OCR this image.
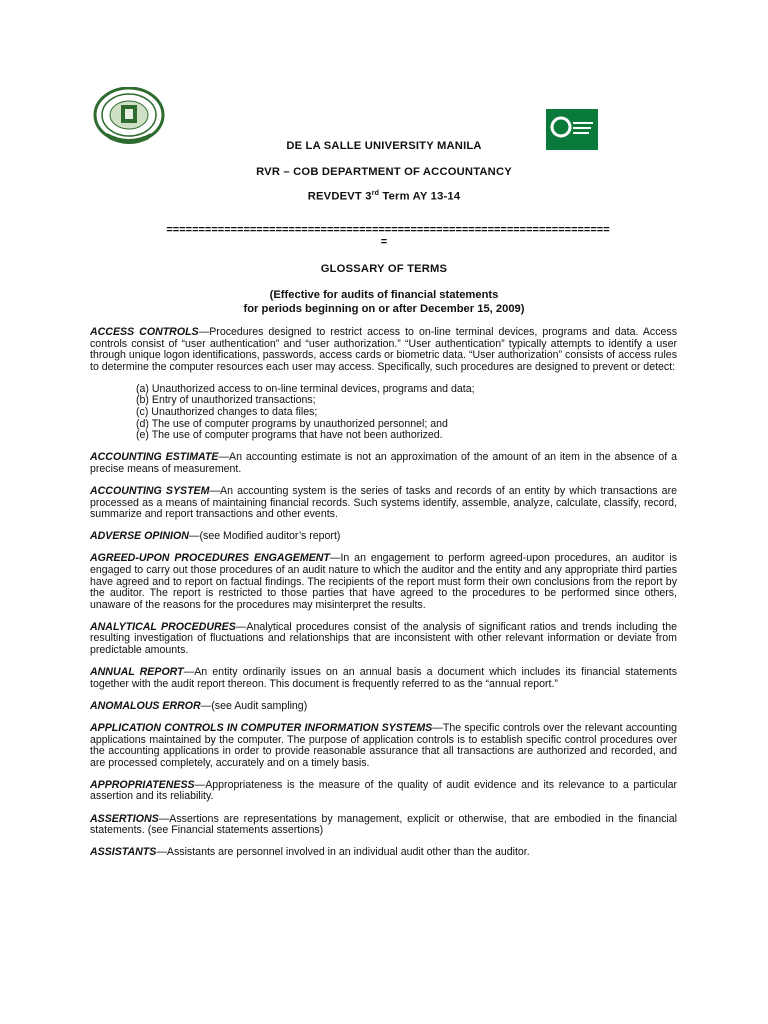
DE LA SALLE UNIVERSITY MANILA
RVR – COB DEPARTMENT OF ACCOUNTANCY
REVDEVT 3rd Term AY 13-14
=====================================================================
=
GLOSSARY OF TERMS
(Effective for audits of financial statements
for periods beginning on or after December 15, 2009)

ACCESS CONTROLS—Procedures designed to restrict access to on-line terminal devices, programs and data. Access controls consist of “user authentication” and “user authorization.” “User authentication” typically attempts to identify a user through unique logon identifications, passwords, access cards or biometric data. “User authorization” consists of access rules to determine the computer resources each user may access. Specifically, such procedures are designed to prevent or detect:

(a) Unauthorized access to on-line terminal devices, programs and data;
(b) Entry of unauthorized transactions;
(c) Unauthorized changes to data files;
(d) The use of computer programs by unauthorized personnel; and
(e) The use of computer programs that have not been authorized.

ACCOUNTING ESTIMATE—An accounting estimate is not an approximation of the amount of an item in the absence of a precise means of measurement.

ACCOUNTING SYSTEM—An accounting system is the series of tasks and records of an entity by which transactions are processed as a means of maintaining financial records. Such systems identify, assemble, analyze, calculate, classify, record, summarize and report transactions and other events.

ADVERSE OPINION—(see Modified auditor’s report)

AGREED-UPON PROCEDURES ENGAGEMENT—In an engagement to perform agreed-upon procedures, an auditor is engaged to carry out those procedures of an audit nature to which the auditor and the entity and any appropriate third parties have agreed and to report on factual findings. The recipients of the report must form their own conclusions from the report by the auditor. The report is restricted to those parties that have agreed to the procedures to be performed since others, unaware of the reasons for the procedures may misinterpret the results.

ANALYTICAL PROCEDURES—Analytical procedures consist of the analysis of significant ratios and trends including the resulting investigation of fluctuations and relationships that are inconsistent with other relevant information or deviate from predictable amounts.

ANNUAL REPORT—An entity ordinarily issues on an annual basis a document which includes its financial statements together with the audit report thereon. This document is frequently referred to as the “annual report.”

ANOMALOUS ERROR—(see Audit sampling)

APPLICATION CONTROLS IN COMPUTER INFORMATION SYSTEMS—The specific controls over the relevant accounting applications maintained by the computer. The purpose of application controls is to establish specific control procedures over the accounting applications in order to provide reasonable assurance that all transactions are authorized and recorded, and are processed completely, accurately and on a timely basis.

APPROPRIATENESS—Appropriateness is the measure of the quality of audit evidence and its relevance to a particular assertion and its reliability.

ASSERTIONS—Assertions are representations by management, explicit or otherwise, that are embodied in the financial statements. (see Financial statements assertions)

ASSISTANTS—Assistants are personnel involved in an individual audit other than the auditor.
